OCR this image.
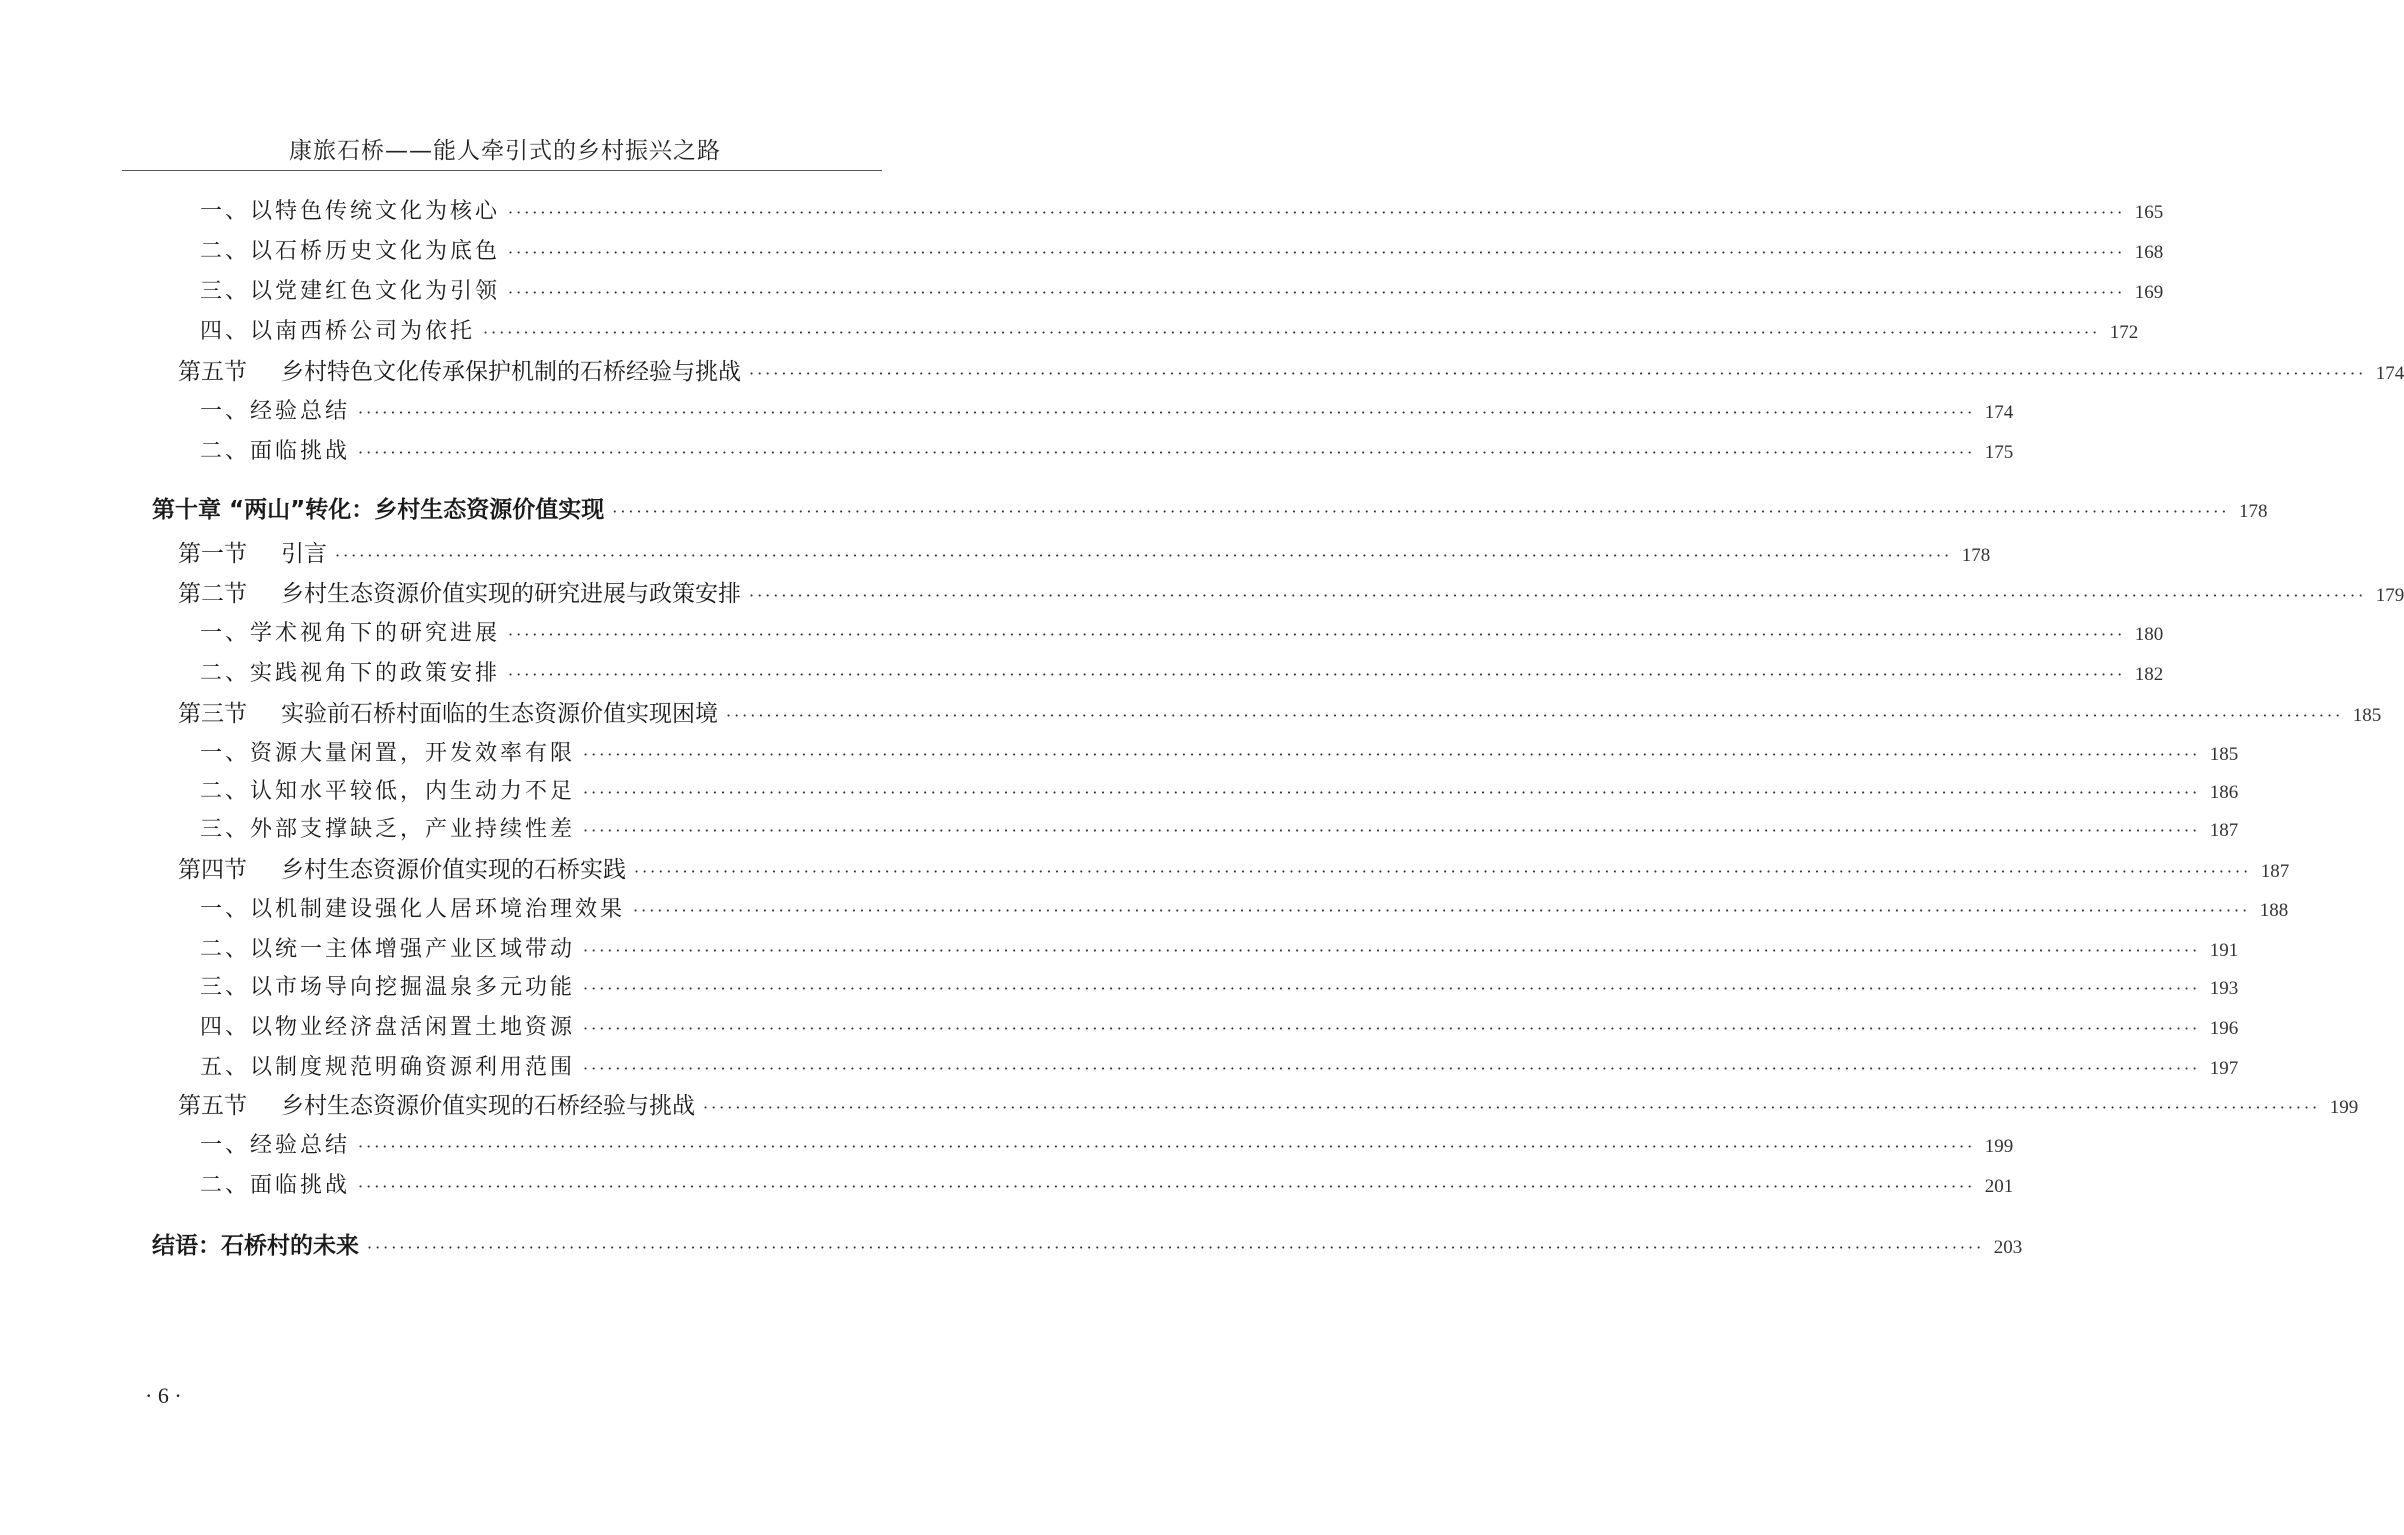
康旅石桥——能人牵引式的乡村振兴之路
一、以特色传统文化为核心 ········································································································································································································ 165
二、以石桥历史文化为底色 ········································································································································································································ 168
三、以党建红色文化为引领 ········································································································································································································ 169
四、以南西桥公司为依托 ········································································································································································································ 172
第五节 乡村特色文化传承保护机制的石桥经验与挑战 ········································································································································································································ 174
一、经验总结 ········································································································································································································ 174
二、面临挑战 ········································································································································································································ 175
第十章 “两山”转化：乡村生态资源价值实现 ········································································································································································································ 178
第一节 引言 ········································································································································································································ 178
第二节 乡村生态资源价值实现的研究进展与政策安排 ········································································································································································································ 179
一、学术视角下的研究进展 ········································································································································································································ 180
二、实践视角下的政策安排 ········································································································································································································ 182
第三节 实验前石桥村面临的生态资源价值实现困境 ········································································································································································································ 185
一、资源大量闲置，开发效率有限 ········································································································································································································ 185
二、认知水平较低，内生动力不足 ········································································································································································································ 186
三、外部支撑缺乏，产业持续性差 ········································································································································································································ 187
第四节 乡村生态资源价值实现的石桥实践 ········································································································································································································ 187
一、以机制建设强化人居环境治理效果 ········································································································································································································ 188
二、以统一主体增强产业区域带动 ········································································································································································································ 191
三、以市场导向挖掘温泉多元功能 ········································································································································································································ 193
四、以物业经济盘活闲置土地资源 ········································································································································································································ 196
五、以制度规范明确资源利用范围 ········································································································································································································ 197
第五节 乡村生态资源价值实现的石桥经验与挑战 ········································································································································································································ 199
一、经验总结 ········································································································································································································ 199
二、面临挑战 ········································································································································································································ 201
结语：石桥村的未来 ········································································································································································································ 203
· 6 ·
